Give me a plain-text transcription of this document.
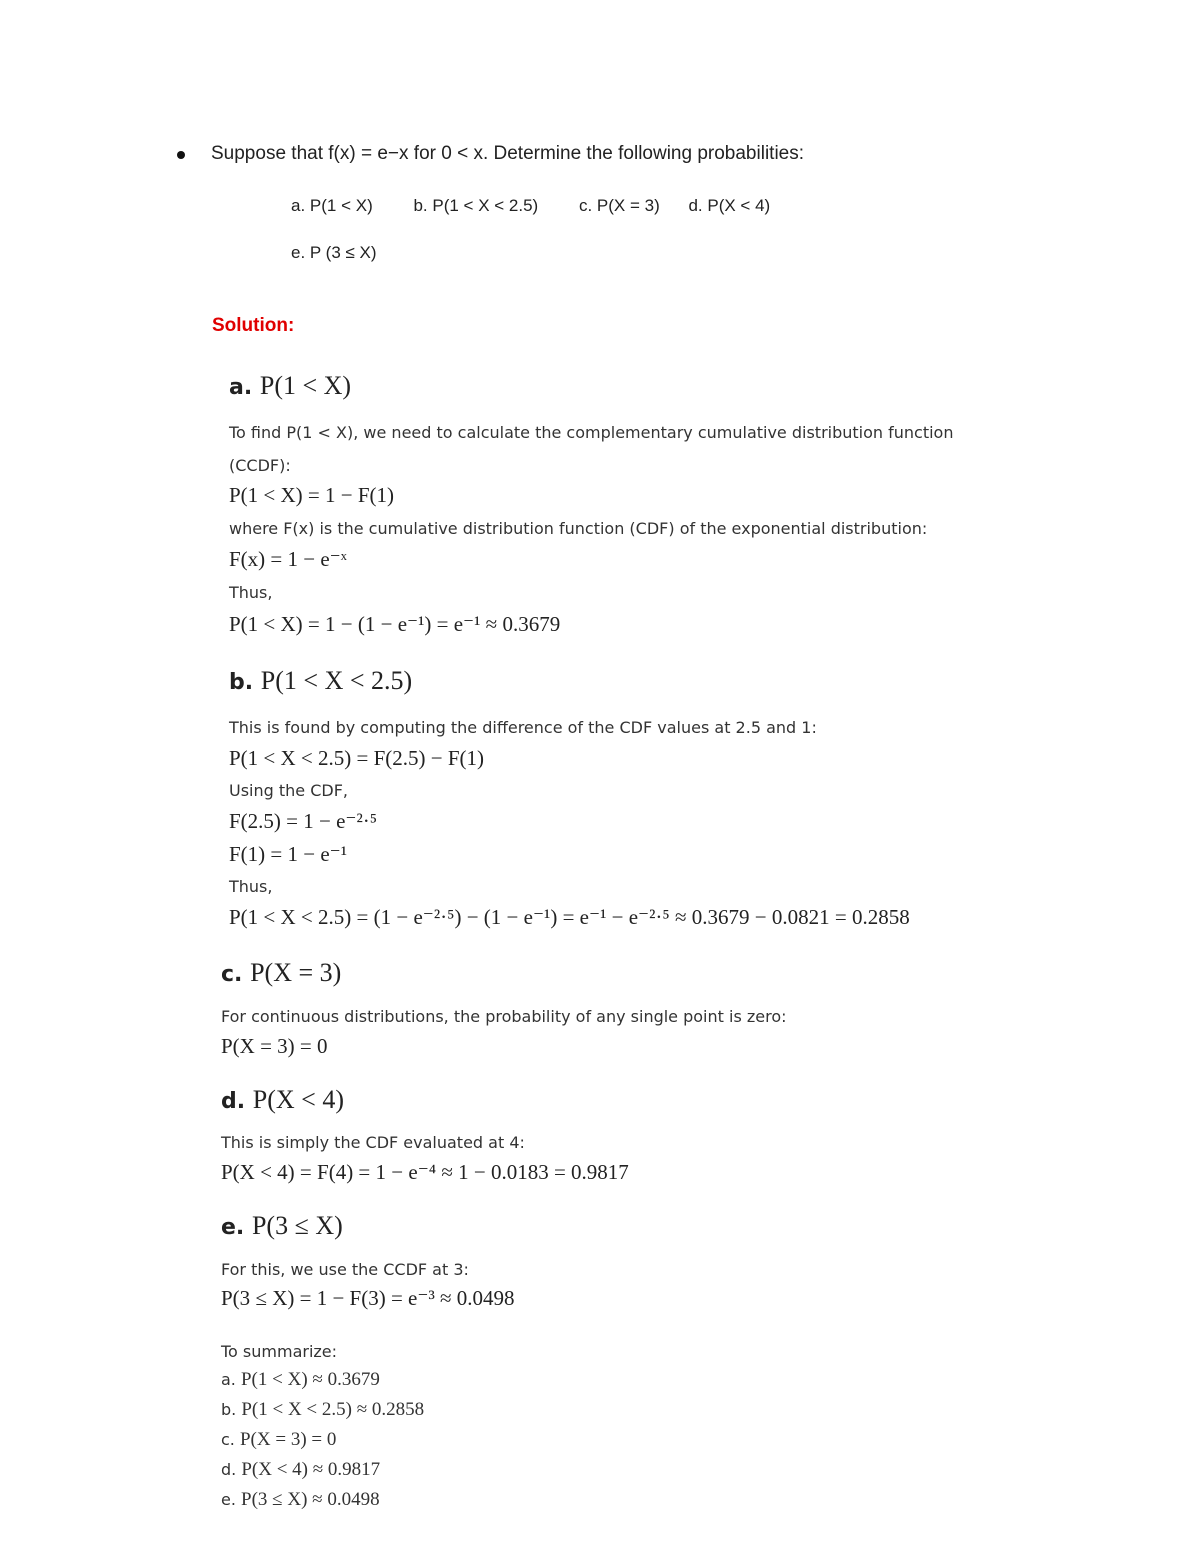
Suppose that f(x) = e−x for 0 < x. Determine the following probabilities:
a. P(1 < X) b. P(1 < X < 2.5) c. P(X = 3) d. P(X < 4)
e. P (3 ≤ X)
Solution:
a. P(1 < X)
To find P(1 < X), we need to calculate the complementary cumulative distribution function
(CCDF):
P(1 < X) = 1 − F(1)
where F(x) is the cumulative distribution function (CDF) of the exponential distribution:
F(x) = 1 − e⁻ˣ
Thus,
P(1 < X) = 1 − (1 − e⁻¹) = e⁻¹ ≈ 0.3679
b. P(1 < X < 2.5)
This is found by computing the difference of the CDF values at 2.5 and 1:
P(1 < X < 2.5) = F(2.5) − F(1)
Using the CDF,
F(2.5) = 1 − e⁻²·⁵
F(1) = 1 − e⁻¹
Thus,
P(1 < X < 2.5) = (1 − e⁻²·⁵) − (1 − e⁻¹) = e⁻¹ − e⁻²·⁵ ≈ 0.3679 − 0.0821 = 0.2858
c. P(X = 3)
For continuous distributions, the probability of any single point is zero:
P(X = 3) = 0
d. P(X < 4)
This is simply the CDF evaluated at 4:
P(X < 4) = F(4) = 1 − e⁻⁴ ≈ 1 − 0.0183 = 0.9817
e. P(3 ≤ X)
For this, we use the CCDF at 3:
P(3 ≤ X) = 1 − F(3) = e⁻³ ≈ 0.0498
To summarize:
a. P(1 < X) ≈ 0.3679
b. P(1 < X < 2.5) ≈ 0.2858
c. P(X = 3) = 0
d. P(X < 4) ≈ 0.9817
e. P(3 ≤ X) ≈ 0.0498
